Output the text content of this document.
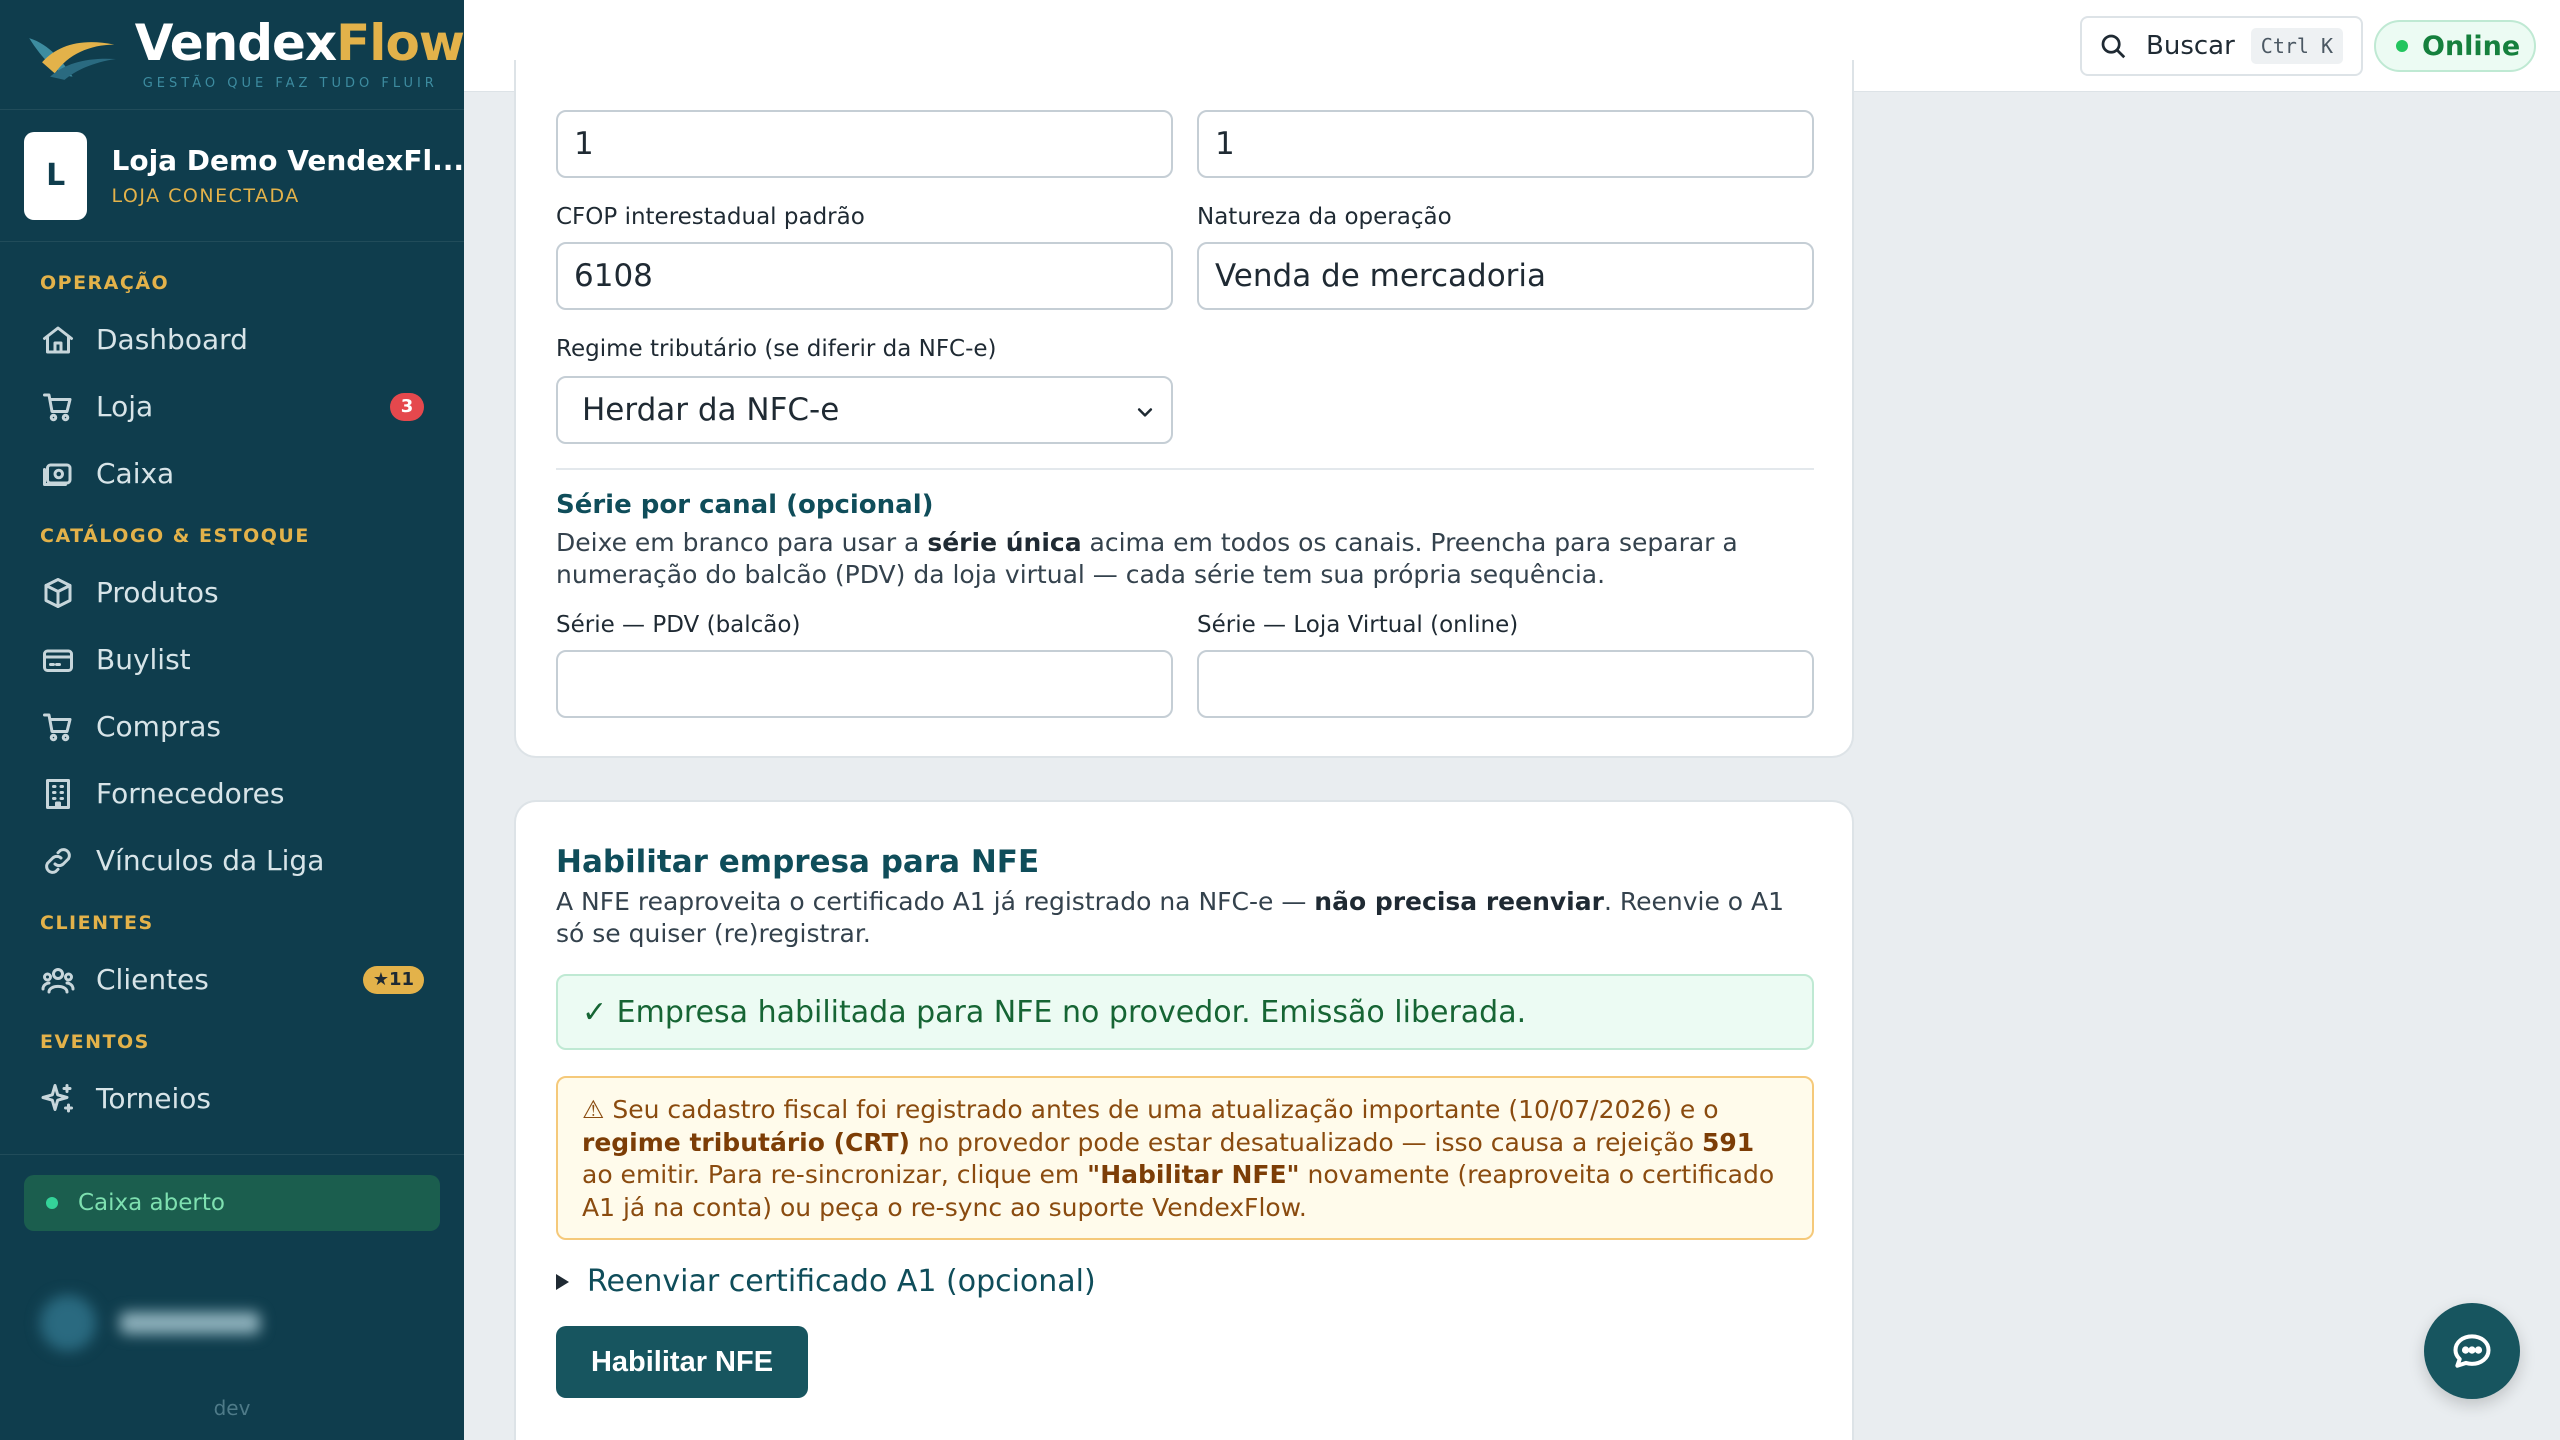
VendexFlow
GESTÃO QUE FAZ TUDO FLUIR
L	Loja Demo VendexFl...
LOJA CONECTADA
OPERAÇÃO
Dashboard
Loja	3
Caixa
CATÁLOGO & ESTOQUE
Produtos
Buylist
Compras
Fornecedores
Vínculos da Liga
CLIENTES
Clientes	★11
EVENTOS
Torneios
Caixa aberto
dev
Buscar	Ctrl K	Online
1	1
CFOP interestadual padrão
6108
Natureza da operação
Venda de mercadoria
Regime tributário (se diferir da NFC-e)
Herdar da NFC-e
Série por canal (opcional)
Deixe em branco para usar a série única acima em todos os canais. Preencha para separar a numeração do balcão (PDV) da loja virtual — cada série tem sua própria sequência.
Série — PDV (balcão)	Série — Loja Virtual (online)
Habilitar empresa para NFE
A NFE reaproveita o certificado A1 já registrado na NFC-e — não precisa reenviar. Reenvie o A1 só se quiser (re)registrar.
✓ Empresa habilitada para NFE no provedor. Emissão liberada.
⚠ Seu cadastro fiscal foi registrado antes de uma atualização importante (10/07/2026) e o regime tributário (CRT) no provedor pode estar desatualizado — isso causa a rejeição 591 ao emitir. Para re-sincronizar, clique em "Habilitar NFE" novamente (reaproveita o certificado A1 já na conta) ou peça o re-sync ao suporte VendexFlow.
Reenviar certificado A1 (opcional)
Habilitar NFE
